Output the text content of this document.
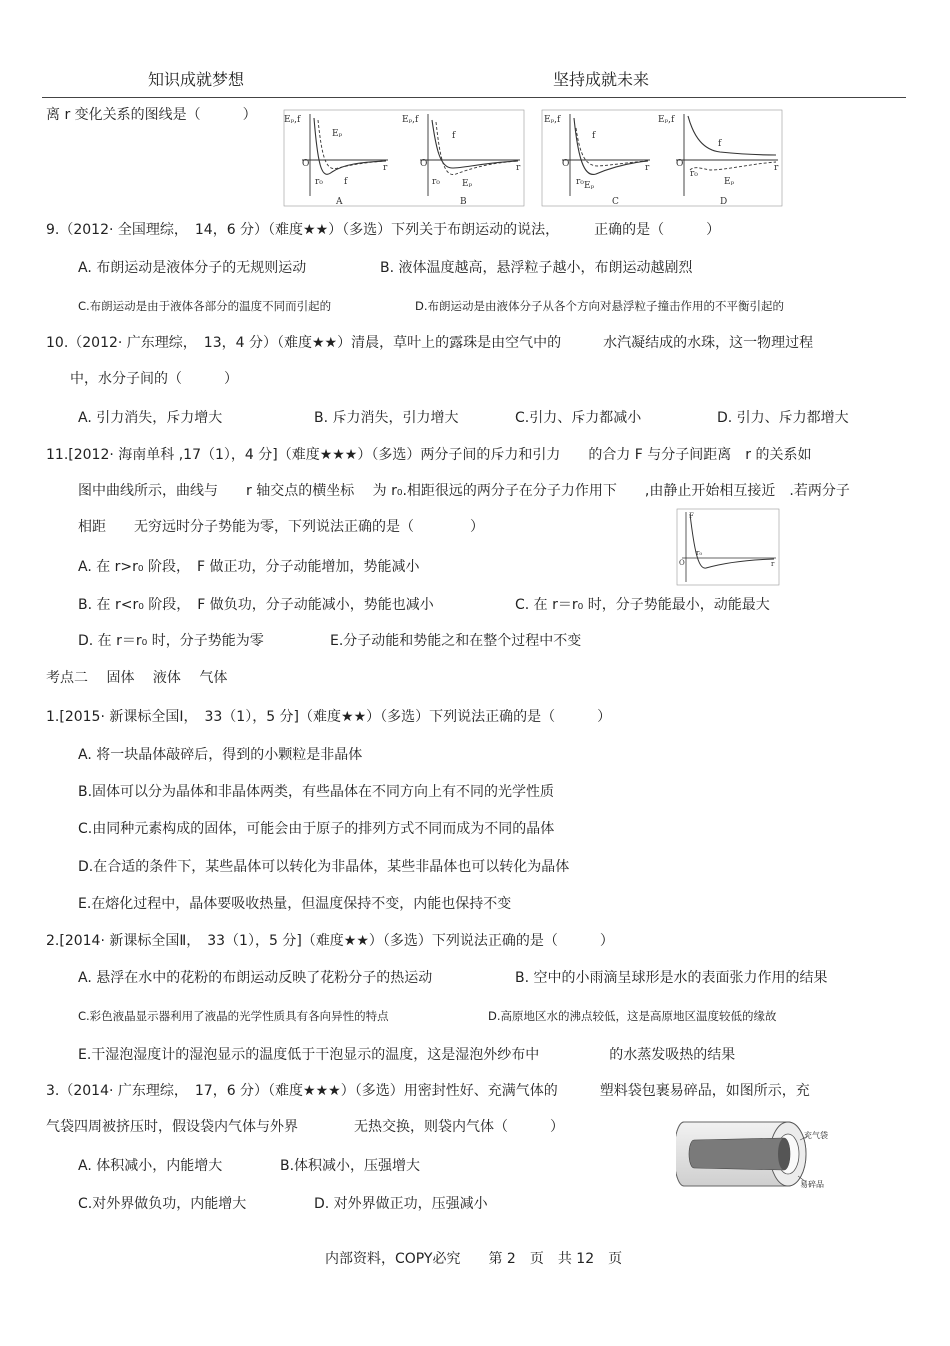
知识成就梦想	坚持成就未来
离 r 变化关系的图线是（　　　）	Eₚ,f
O	r
Eₚ
f
r₀
A
Eₚ,f
O	r
f
Eₚ
r₀
B
Eₚ,f
O	r
f
Eₚ
r₀
C
Eₚ,f
O	r
f
Eₚ
r₀
D
9.（2012· 全国理综，　14，6 分）（难度★★）（多选）下列关于布朗运动的说法，　　　正确的是（　　　）
A. 布朗运动是液体分子的无规则运动	B. 液体温度越高，悬浮粒子越小，布朗运动越剧烈
C.布朗运动是由于液体各部分的温度不同而引起的	D.布朗运动是由液体分子从各个方向对悬浮粒子撞击作用的不平衡引起的
10.（2012· 广东理综，　13，4 分）（难度★★）清晨，草叶上的露珠是由空气中的　　　水汽凝结成的水珠，这一物理过程
中，水分子间的（　　　）
A. 引力消失，斥力增大	B. 斥力消失，引力增大	C.引力、斥力都减小	D. 引力、斥力都增大
11.[2012· 海南单科 ,17（1），4 分]（难度★★★）（多选）两分子间的斥力和引力　　的合力 F 与分子间距离　r 的关系如
图中曲线所示，曲线与　　r 轴交点的横坐标　 为 r₀.相距很远的两分子在分子力作用下　　,由静止开始相互接近　.若两分子
相距　　无穷远时分子势能为零，下列说法正确的是（　　　　）
A. 在 r>r₀ 阶段，　F 做正功，分子动能增加，势能减小
B. 在 r<r₀ 阶段，　F 做负功，分子动能减小，势能也减小	C. 在 r＝r₀ 时，分子势能最小，动能最大
D. 在 r＝r₀ 时，分子势能为零	E.分子动能和势能之和在整个过程中不变
F
O
r₀
r
考点二　 固体　 液体　 气体
1.[2015· 新课标全国Ⅰ，　33（1），5 分]（难度★★）（多选）下列说法正确的是（　　　）
A. 将一块晶体敲碎后，得到的小颗粒是非晶体
B.固体可以分为晶体和非晶体两类，有些晶体在不同方向上有不同的光学性质
C.由同种元素构成的固体，可能会由于原子的排列方式不同而成为不同的晶体
D.在合适的条件下，某些晶体可以转化为非晶体，某些非晶体也可以转化为晶体
E.在熔化过程中，晶体要吸收热量，但温度保持不变，内能也保持不变
2.[2014· 新课标全国Ⅱ，　33（1），5 分]（难度★★）（多选）下列说法正确的是（　　　）
A. 悬浮在水中的花粉的布朗运动反映了花粉分子的热运动	B. 空中的小雨滴呈球形是水的表面张力作用的结果
C.彩色液晶显示器利用了液晶的光学性质具有各向异性的特点	D.高原地区水的沸点较低，这是高原地区温度较低的缘故
E.干湿泡湿度计的湿泡显示的温度低于干泡显示的温度，这是湿泡外纱布中　　　　　的水蒸发吸热的结果
3.（2014· 广东理综，　17，6 分）（难度★★★）（多选）用密封性好、充满气体的　　　塑料袋包裹易碎品，如图所示，充
气袋四周被挤压时，假设袋内气体与外界　　　　无热交换，则袋内气体（　　　）
A. 体积减小，内能增大	B.体积减小，压强增大
C.对外界做负功，内能增大	D. 对外界做正功，压强减小
充气袋
易碎品
内部资料，COPY必究　　第 2　页　共 12　页
